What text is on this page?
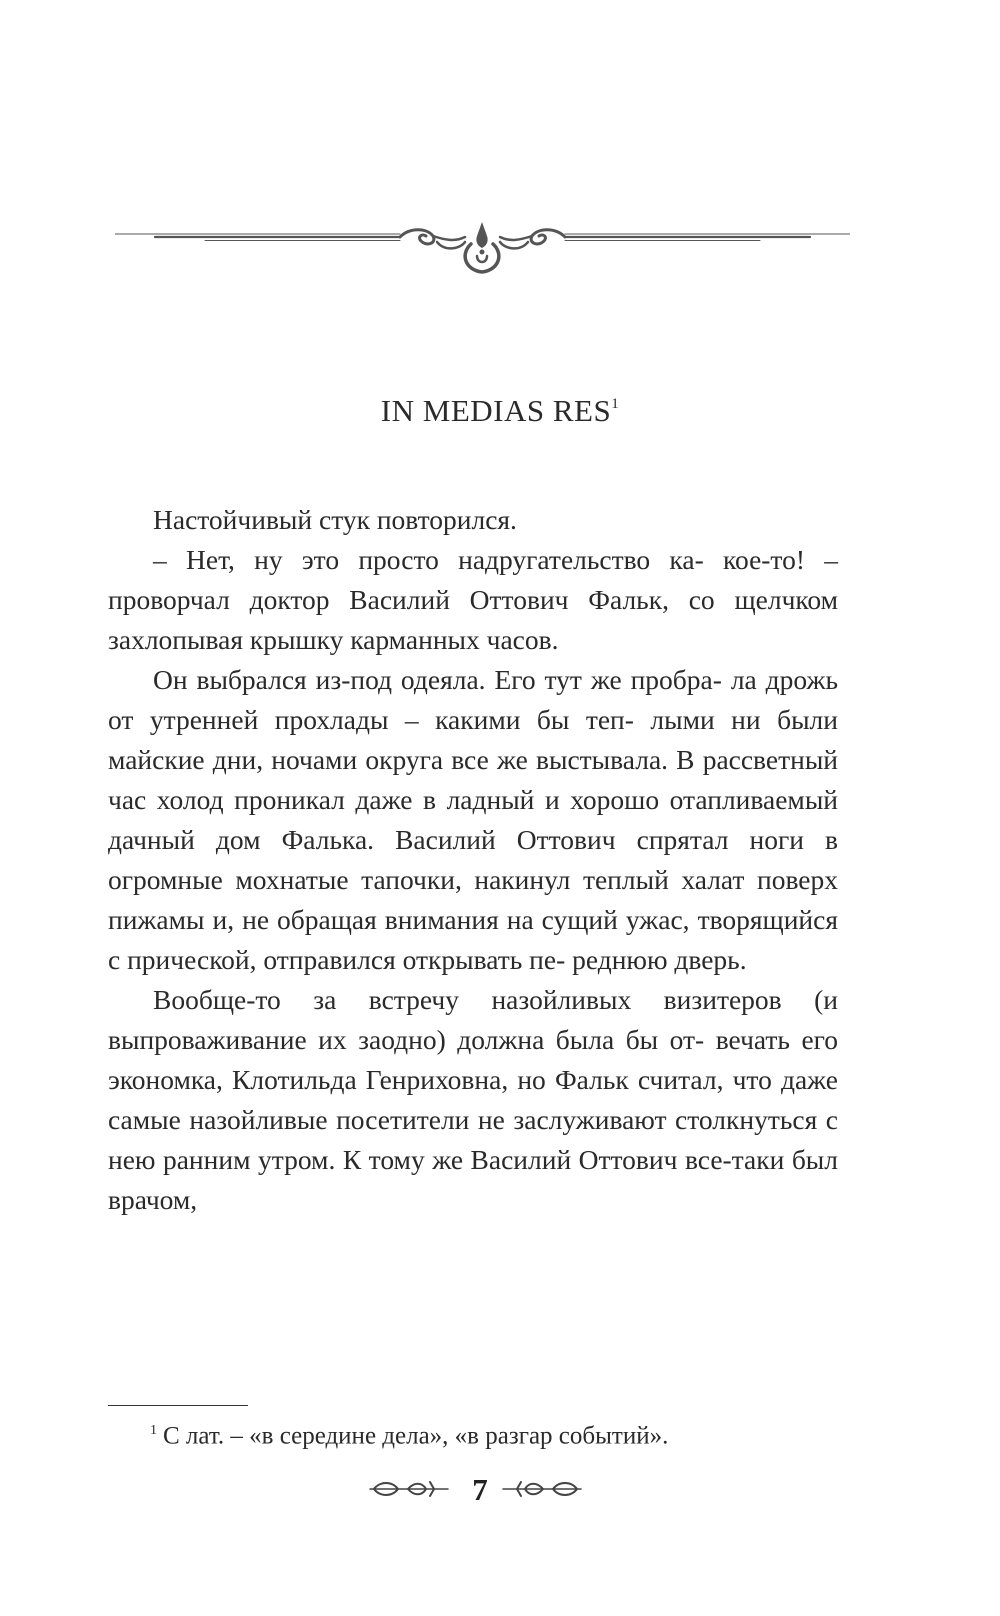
IN MEDIAS RES$^1$

Настойчивый стук повторился.

– Нет, ну это просто надругательство ка- кое-то! – проворчал доктор Василий Оттович Фальк, со щелчком захлопывая крышку карманных часов.

Он выбрался из-под одеяла. Его тут же пробра- ла дрожь от утренней прохлады – какими бы теп- лыми ни были майские дни, ночами округа все же выстывала. В рассветный час холод проникал даже в ладный и хорошо отапливаемый дачный дом Фалька. Василий Оттович спрятал ноги в огромные мохнатые тапочки, накинул теплый халат поверх пижамы и, не обращая внимания на сущий ужас, творящийся с прической, отправился открывать пе- реднюю дверь.

Вообще-то за встречу назойливых визитеров (и выпроваживание их заодно) должна была бы от- вечать его экономка, Клотильда Генриховна, но Фальк считал, что даже самые назойливые посетители не заслуживают столкнуться с нею ранним утром. К тому же Василий Оттович все-таки был врачом,

$^1$ С лат. – «в середине дела», «в разгар событий».
7
